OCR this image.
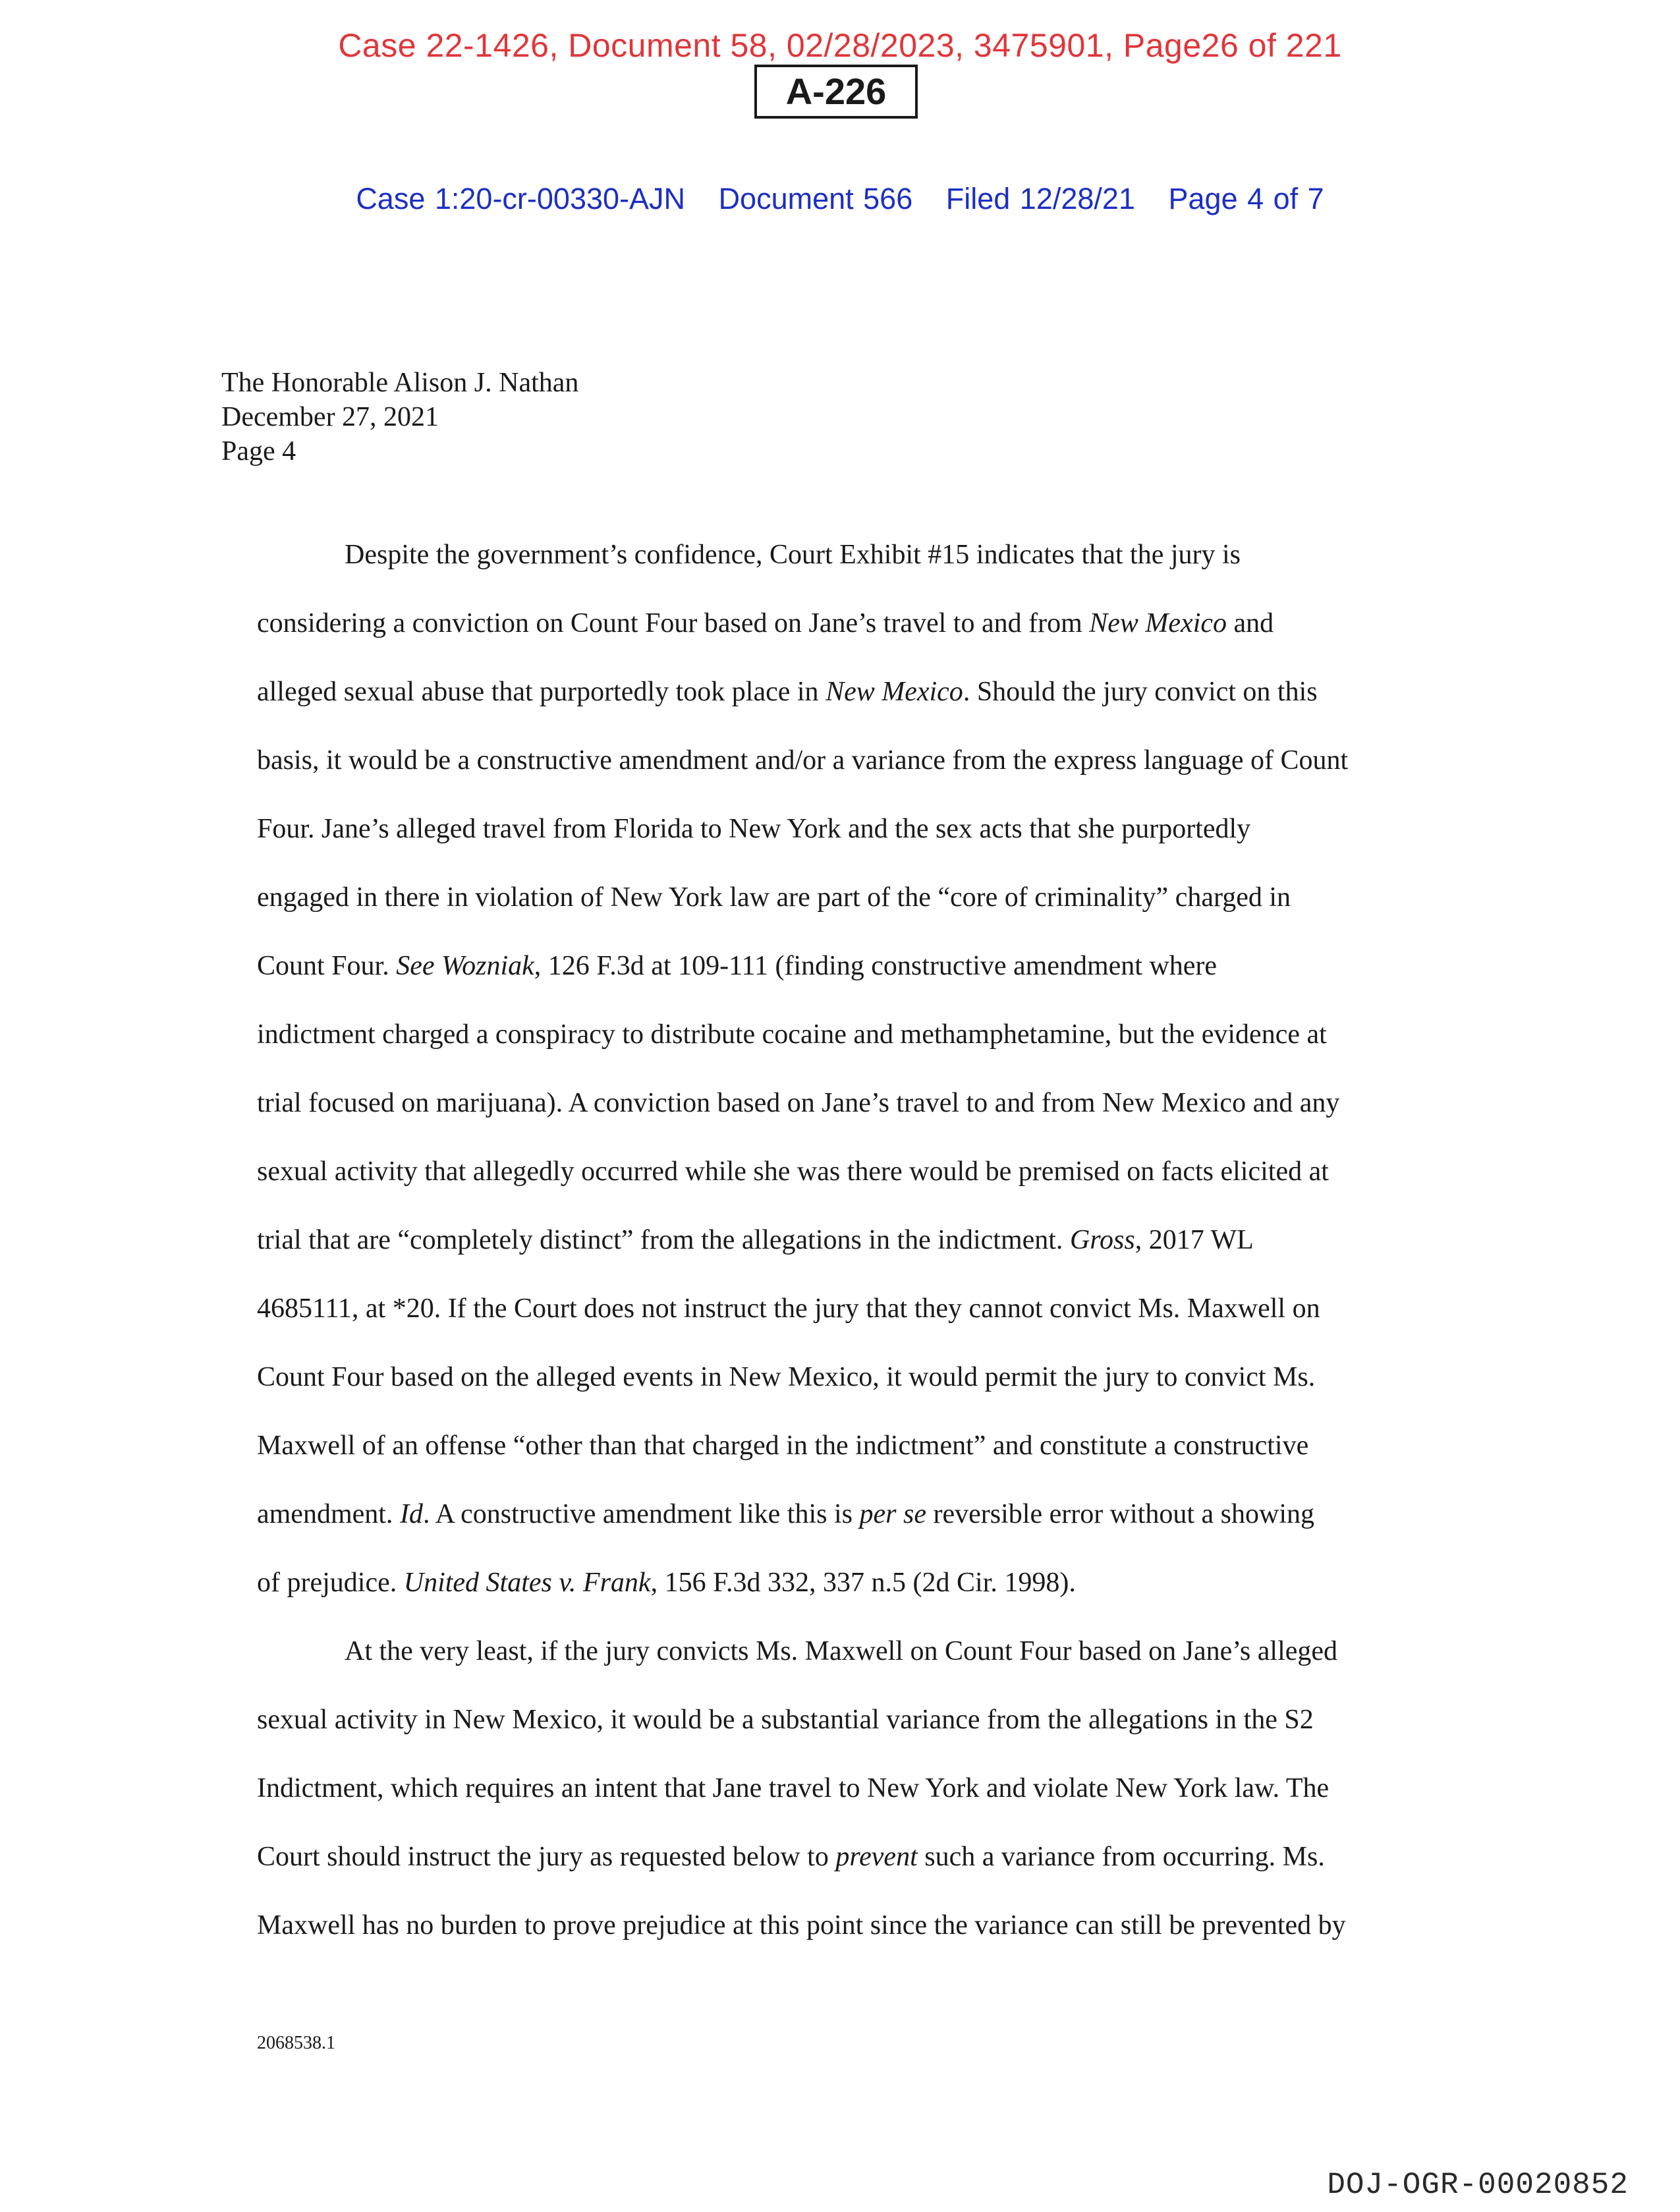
Case 22-1426, Document 58, 02/28/2023, 3475901, Page26 of 221
A-226
Case 1:20-cr-00330-AJN Document 566 Filed 12/28/21 Page 4 of 7
The Honorable Alison J. Nathan
December 27, 2021
Page 4
Despite the government’s confidence, Court Exhibit #15 indicates that the jury is
considering a conviction on Count Four based on Jane’s travel to and from New Mexico and
alleged sexual abuse that purportedly took place in New Mexico. Should the jury convict on this
basis, it would be a constructive amendment and/or a variance from the express language of Count
Four. Jane’s alleged travel from Florida to New York and the sex acts that she purportedly
engaged in there in violation of New York law are part of the “core of criminality” charged in
Count Four. See Wozniak, 126 F.3d at 109-111 (finding constructive amendment where
indictment charged a conspiracy to distribute cocaine and methamphetamine, but the evidence at
trial focused on marijuana). A conviction based on Jane’s travel to and from New Mexico and any
sexual activity that allegedly occurred while she was there would be premised on facts elicited at
trial that are “completely distinct” from the allegations in the indictment. Gross, 2017 WL
4685111, at *20. If the Court does not instruct the jury that they cannot convict Ms. Maxwell on
Count Four based on the alleged events in New Mexico, it would permit the jury to convict Ms.
Maxwell of an offense “other than that charged in the indictment” and constitute a constructive
amendment. Id. A constructive amendment like this is per se reversible error without a showing
of prejudice. United States v. Frank, 156 F.3d 332, 337 n.5 (2d Cir. 1998).
At the very least, if the jury convicts Ms. Maxwell on Count Four based on Jane’s alleged
sexual activity in New Mexico, it would be a substantial variance from the allegations in the S2
Indictment, which requires an intent that Jane travel to New York and violate New York law. The
Court should instruct the jury as requested below to prevent such a variance from occurring. Ms.
Maxwell has no burden to prove prejudice at this point since the variance can still be prevented by
2068538.1
DOJ-OGR-00020852
